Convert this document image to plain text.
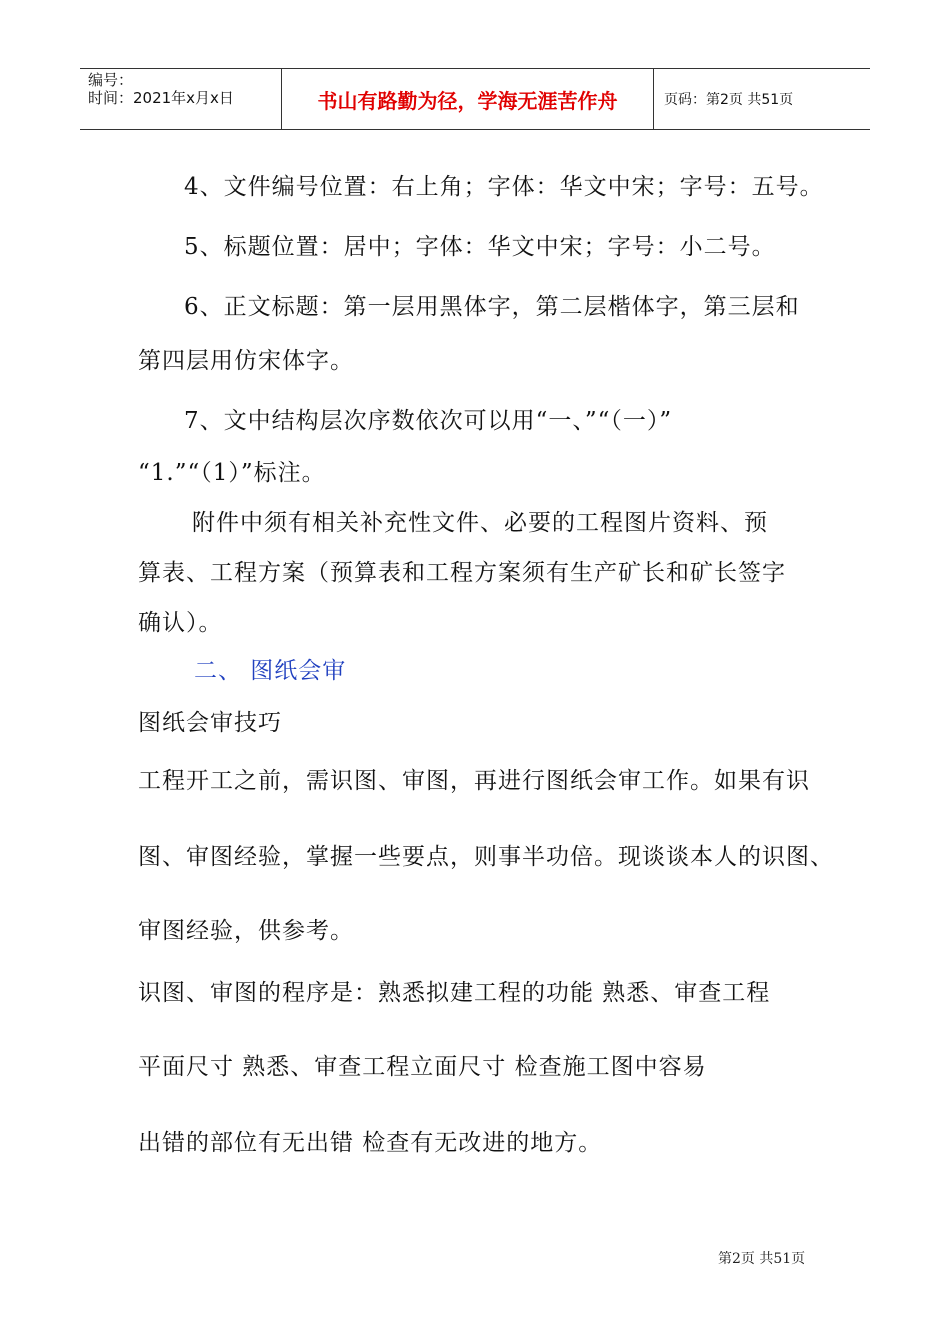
编号：
时间：2021年x月x日	书山有路勤为径，学海无涯苦作舟	页码：第2页 共51页
4、文件编号位置：右上角；字体：华文中宋；字号：五号。
5、标题位置：居中；字体：华文中宋；字号：小二号。
6、正文标题：第一层用黑体字，第二层楷体字，第三层和
第四层用仿宋体字。
7、文中结构层次序数依次可以用“一、”“（一）”
“1.”“（1）”标注。
附件中须有相关补充性文件、必要的工程图片资料、预
算表、工程方案（预算表和工程方案须有生产矿长和矿长签字
确认）。
二、 图纸会审
图纸会审技巧
工程开工之前，需识图、审图，再进行图纸会审工作。如果有识
图、审图经验，掌握一些要点，则事半功倍。现谈谈本人的识图、
审图经验，供参考。
识图、审图的程序是：熟悉拟建工程的功能 熟悉、审查工程
平面尺寸 熟悉、审查工程立面尺寸 检查施工图中容易
出错的部位有无出错 检查有无改进的地方。
第2页 共51页
